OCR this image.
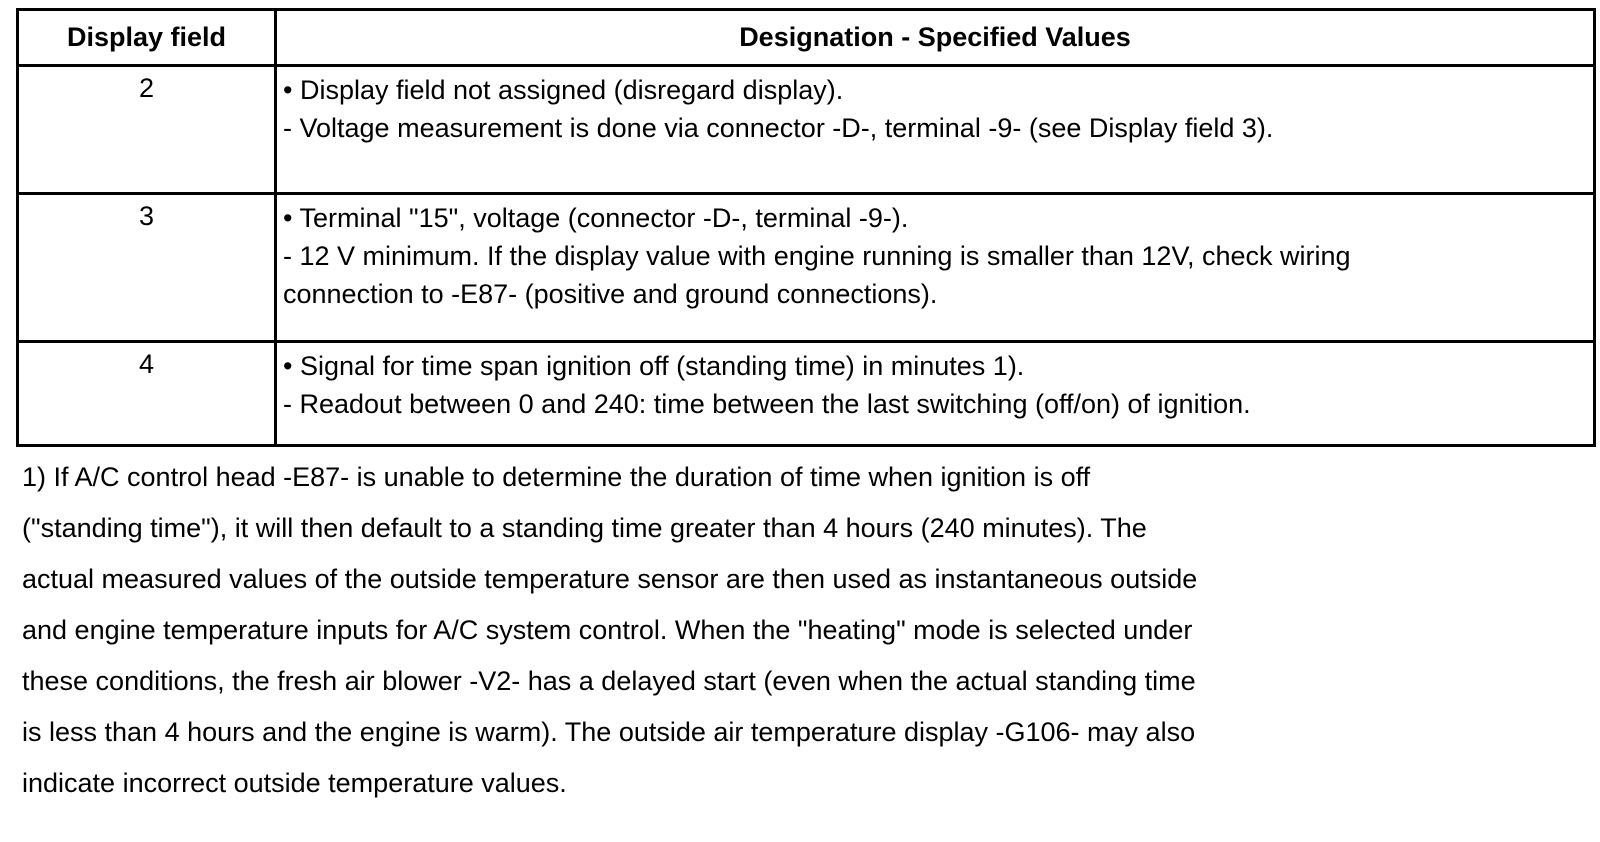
Display field	Designation - Specified Values
2	• Display field not assigned (disregard display).
- Voltage measurement is done via connector -D-, terminal -9- (see Display field 3).

3	• Terminal "15", voltage (connector -D-, terminal -9-).
- 12 V minimum. If the display value with engine running is smaller than 12V, check wiring
connection to -E87- (positive and ground connections).

4	• Signal for time span ignition off (standing time) in minutes 1).
- Readout between 0 and 240: time between the last switching (off/on) of ignition.
1) If A/C control head -E87- is unable to determine the duration of time when ignition is off
("standing time"), it will then default to a standing time greater than 4 hours (240 minutes). The
actual measured values of the outside temperature sensor are then used as instantaneous outside
and engine temperature inputs for A/C system control. When the "heating" mode is selected under
these conditions, the fresh air blower -V2- has a delayed start (even when the actual standing time
is less than 4 hours and the engine is warm). The outside air temperature display -G106- may also
indicate incorrect outside temperature values.
